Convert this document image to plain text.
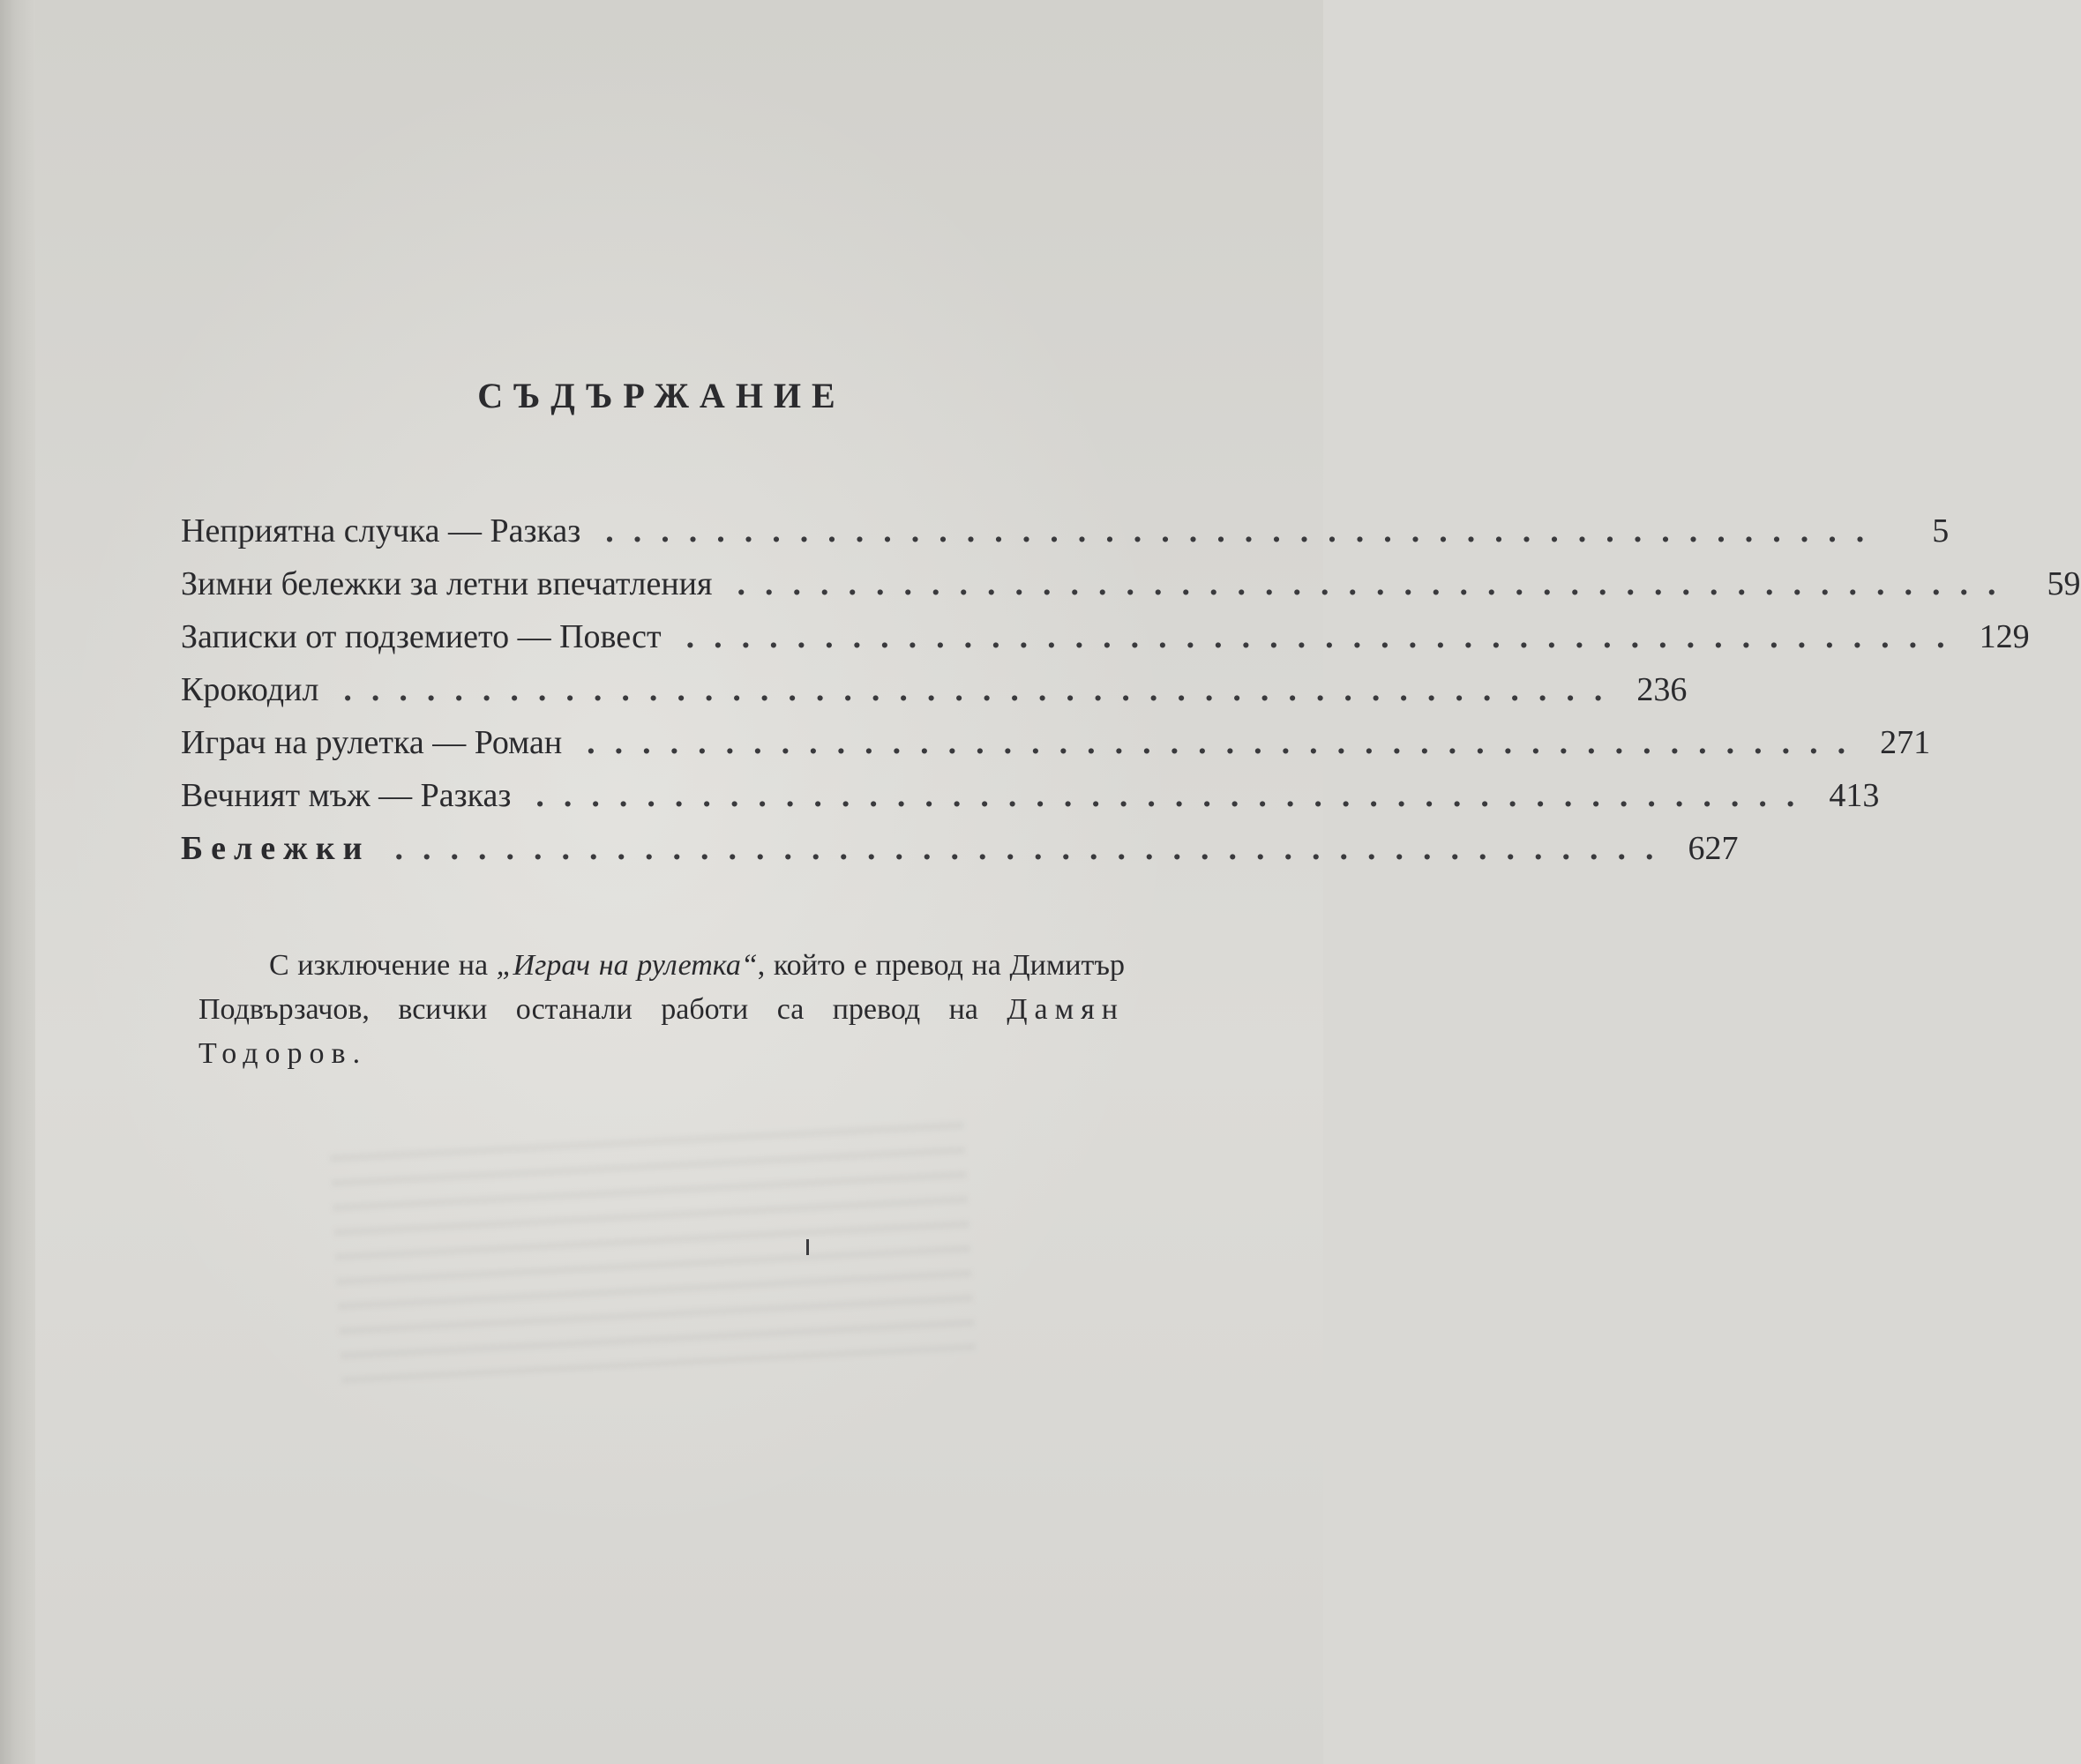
СЪДЪРЖАНИЕ
Неприятна случка — Разказ ..............................................	5
Зимни бележки за летни впечатления .............................................. 59
Записки от подземието — Повест .............................................. 129
Крокодил .............................................. 236
Играч на рулетка — Роман .............................................. 271
Вечният мъж — Разказ .............................................. 413
Бележки .............................................. 627

С изключение на „Играч на рулетка“, който е превод на Димитър Подвързачов, всички останали работи са превод на Дамян Тодоров.
